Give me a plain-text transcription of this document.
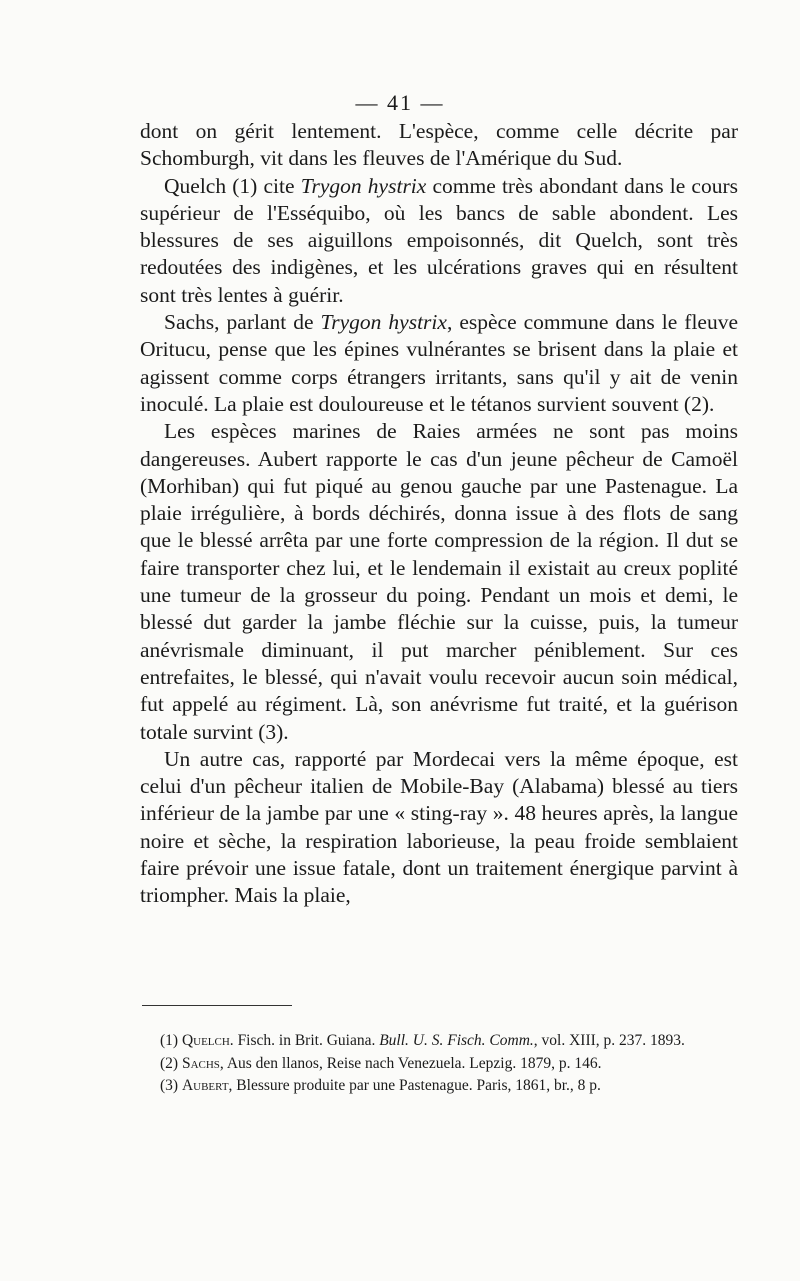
— 41 —

dont on gérit lentement. L'espèce, comme celle décrite par Schomburgh, vit dans les fleuves de l'Amérique du Sud.

Quelch (1) cite Trygon hystrix comme très abondant dans le cours supérieur de l'Esséquibo, où les bancs de sable abondent. Les blessures de ses aiguillons empoisonnés, dit Quelch, sont très redoutées des indigènes, et les ulcérations graves qui en résultent sont très lentes à guérir.

Sachs, parlant de Trygon hystrix, espèce commune dans le fleuve Oritucu, pense que les épines vulnérantes se brisent dans la plaie et agissent comme corps étrangers irritants, sans qu'il y ait de venin inoculé. La plaie est douloureuse et le tétanos survient souvent (2).

Les espèces marines de Raies armées ne sont pas moins dangereuses. Aubert rapporte le cas d'un jeune pêcheur de Camoël (Morhiban) qui fut piqué au genou gauche par une Pastenague. La plaie irrégulière, à bords déchirés, donna issue à des flots de sang que le blessé arrêta par une forte compression de la région. Il dut se faire transporter chez lui, et le lendemain il existait au creux poplité une tumeur de la grosseur du poing. Pendant un mois et demi, le blessé dut garder la jambe fléchie sur la cuisse, puis, la tumeur anévrismale diminuant, il put marcher péniblement. Sur ces entrefaites, le blessé, qui n'avait voulu recevoir aucun soin médical, fut appelé au régiment. Là, son anévrisme fut traité, et la guérison totale survint (3).

Un autre cas, rapporté par Mordecai vers la même époque, est celui d'un pêcheur italien de Mobile-Bay (Alabama) blessé au tiers inférieur de la jambe par une « sting-ray ». 48 heures après, la langue noire et sèche, la respiration laborieuse, la peau froide semblaient faire prévoir une issue fatale, dont un traitement énergique parvint à triompher. Mais la plaie,

(1) Quelch. Fisch. in Brit. Guiana. Bull. U. S. Fisch. Comm., vol. XIII, p. 237. 1893.

(2) Sachs, Aus den llanos, Reise nach Venezuela. Lepzig. 1879, p. 146.

(3) Aubert, Blessure produite par une Pastenague. Paris, 1861, br., 8 p.
